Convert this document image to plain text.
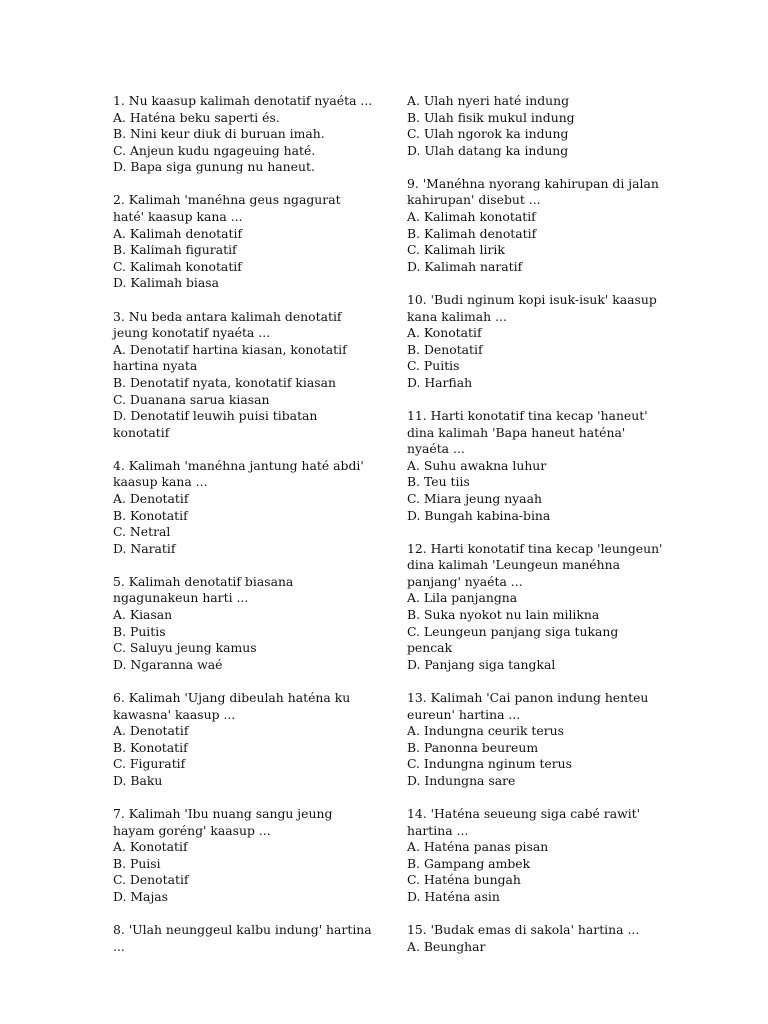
1. Nu kaasup kalimah denotatif nyaéta ...
A. Haténa beku saperti és.
B. Nini keur diuk di buruan imah.
C. Anjeun kudu ngageuing haté.
D. Bapa siga gunung nu haneut.
2. Kalimah 'manéhna geus ngagurat haté' kaasup kana ...
A. Kalimah denotatif
B. Kalimah figuratif
C. Kalimah konotatif
D. Kalimah biasa
3. Nu beda antara kalimah denotatif jeung konotatif nyaéta ...
A. Denotatif hartina kiasan, konotatif hartina nyata
B. Denotatif nyata, konotatif kiasan
C. Duanana sarua kiasan
D. Denotatif leuwih puisi tibatan konotatif
4. Kalimah 'manéhna jantung haté abdi' kaasup kana ...
A. Denotatif
B. Konotatif
C. Netral
D. Naratif
5. Kalimah denotatif biasana ngagunakeun harti ...
A. Kiasan
B. Puitis
C. Saluyu jeung kamus
D. Ngaranna waé
6. Kalimah 'Ujang dibeulah haténa ku kawasna' kaasup ...
A. Denotatif
B. Konotatif
C. Figuratif
D. Baku
7. Kalimah 'Ibu nuang sangu jeung hayam goréng' kaasup ...
A. Konotatif
B. Puisi
C. Denotatif
D. Majas
8. 'Ulah neunggeul kalbu indung' hartina ...
A. Ulah nyeri haté indung
B. Ulah fisik mukul indung
C. Ulah ngorok ka indung
D. Ulah datang ka indung
9. 'Manéhna nyorang kahirupan di jalan kahirupan' disebut ...
A. Kalimah konotatif
B. Kalimah denotatif
C. Kalimah lirik
D. Kalimah naratif
10. 'Budi nginum kopi isuk-isuk' kaasup kana kalimah ...
A. Konotatif
B. Denotatif
C. Puitis
D. Harfiah
11. Harti konotatif tina kecap 'haneut' dina kalimah 'Bapa haneut haténa' nyaéta ...
A. Suhu awakna luhur
B. Teu tiis
C. Miara jeung nyaah
D. Bungah kabina-bina
12. Harti konotatif tina kecap 'leungeun' dina kalimah 'Leungeun manéhna panjang' nyaéta ...
A. Lila panjangna
B. Suka nyokot nu lain milikna
C. Leungeun panjang siga tukang pencak
D. Panjang siga tangkal
13. Kalimah 'Cai panon indung henteu eureun' hartina ...
A. Indungna ceurik terus
B. Panonna beureum
C. Indungna nginum terus
D. Indungna sare
14. 'Haténa seueung siga cabé rawit' hartina ...
A. Haténa panas pisan
B. Gampang ambek
C. Haténa bungah
D. Haténa asin
15. 'Budak emas di sakola' hartina ...
A. Beunghar
